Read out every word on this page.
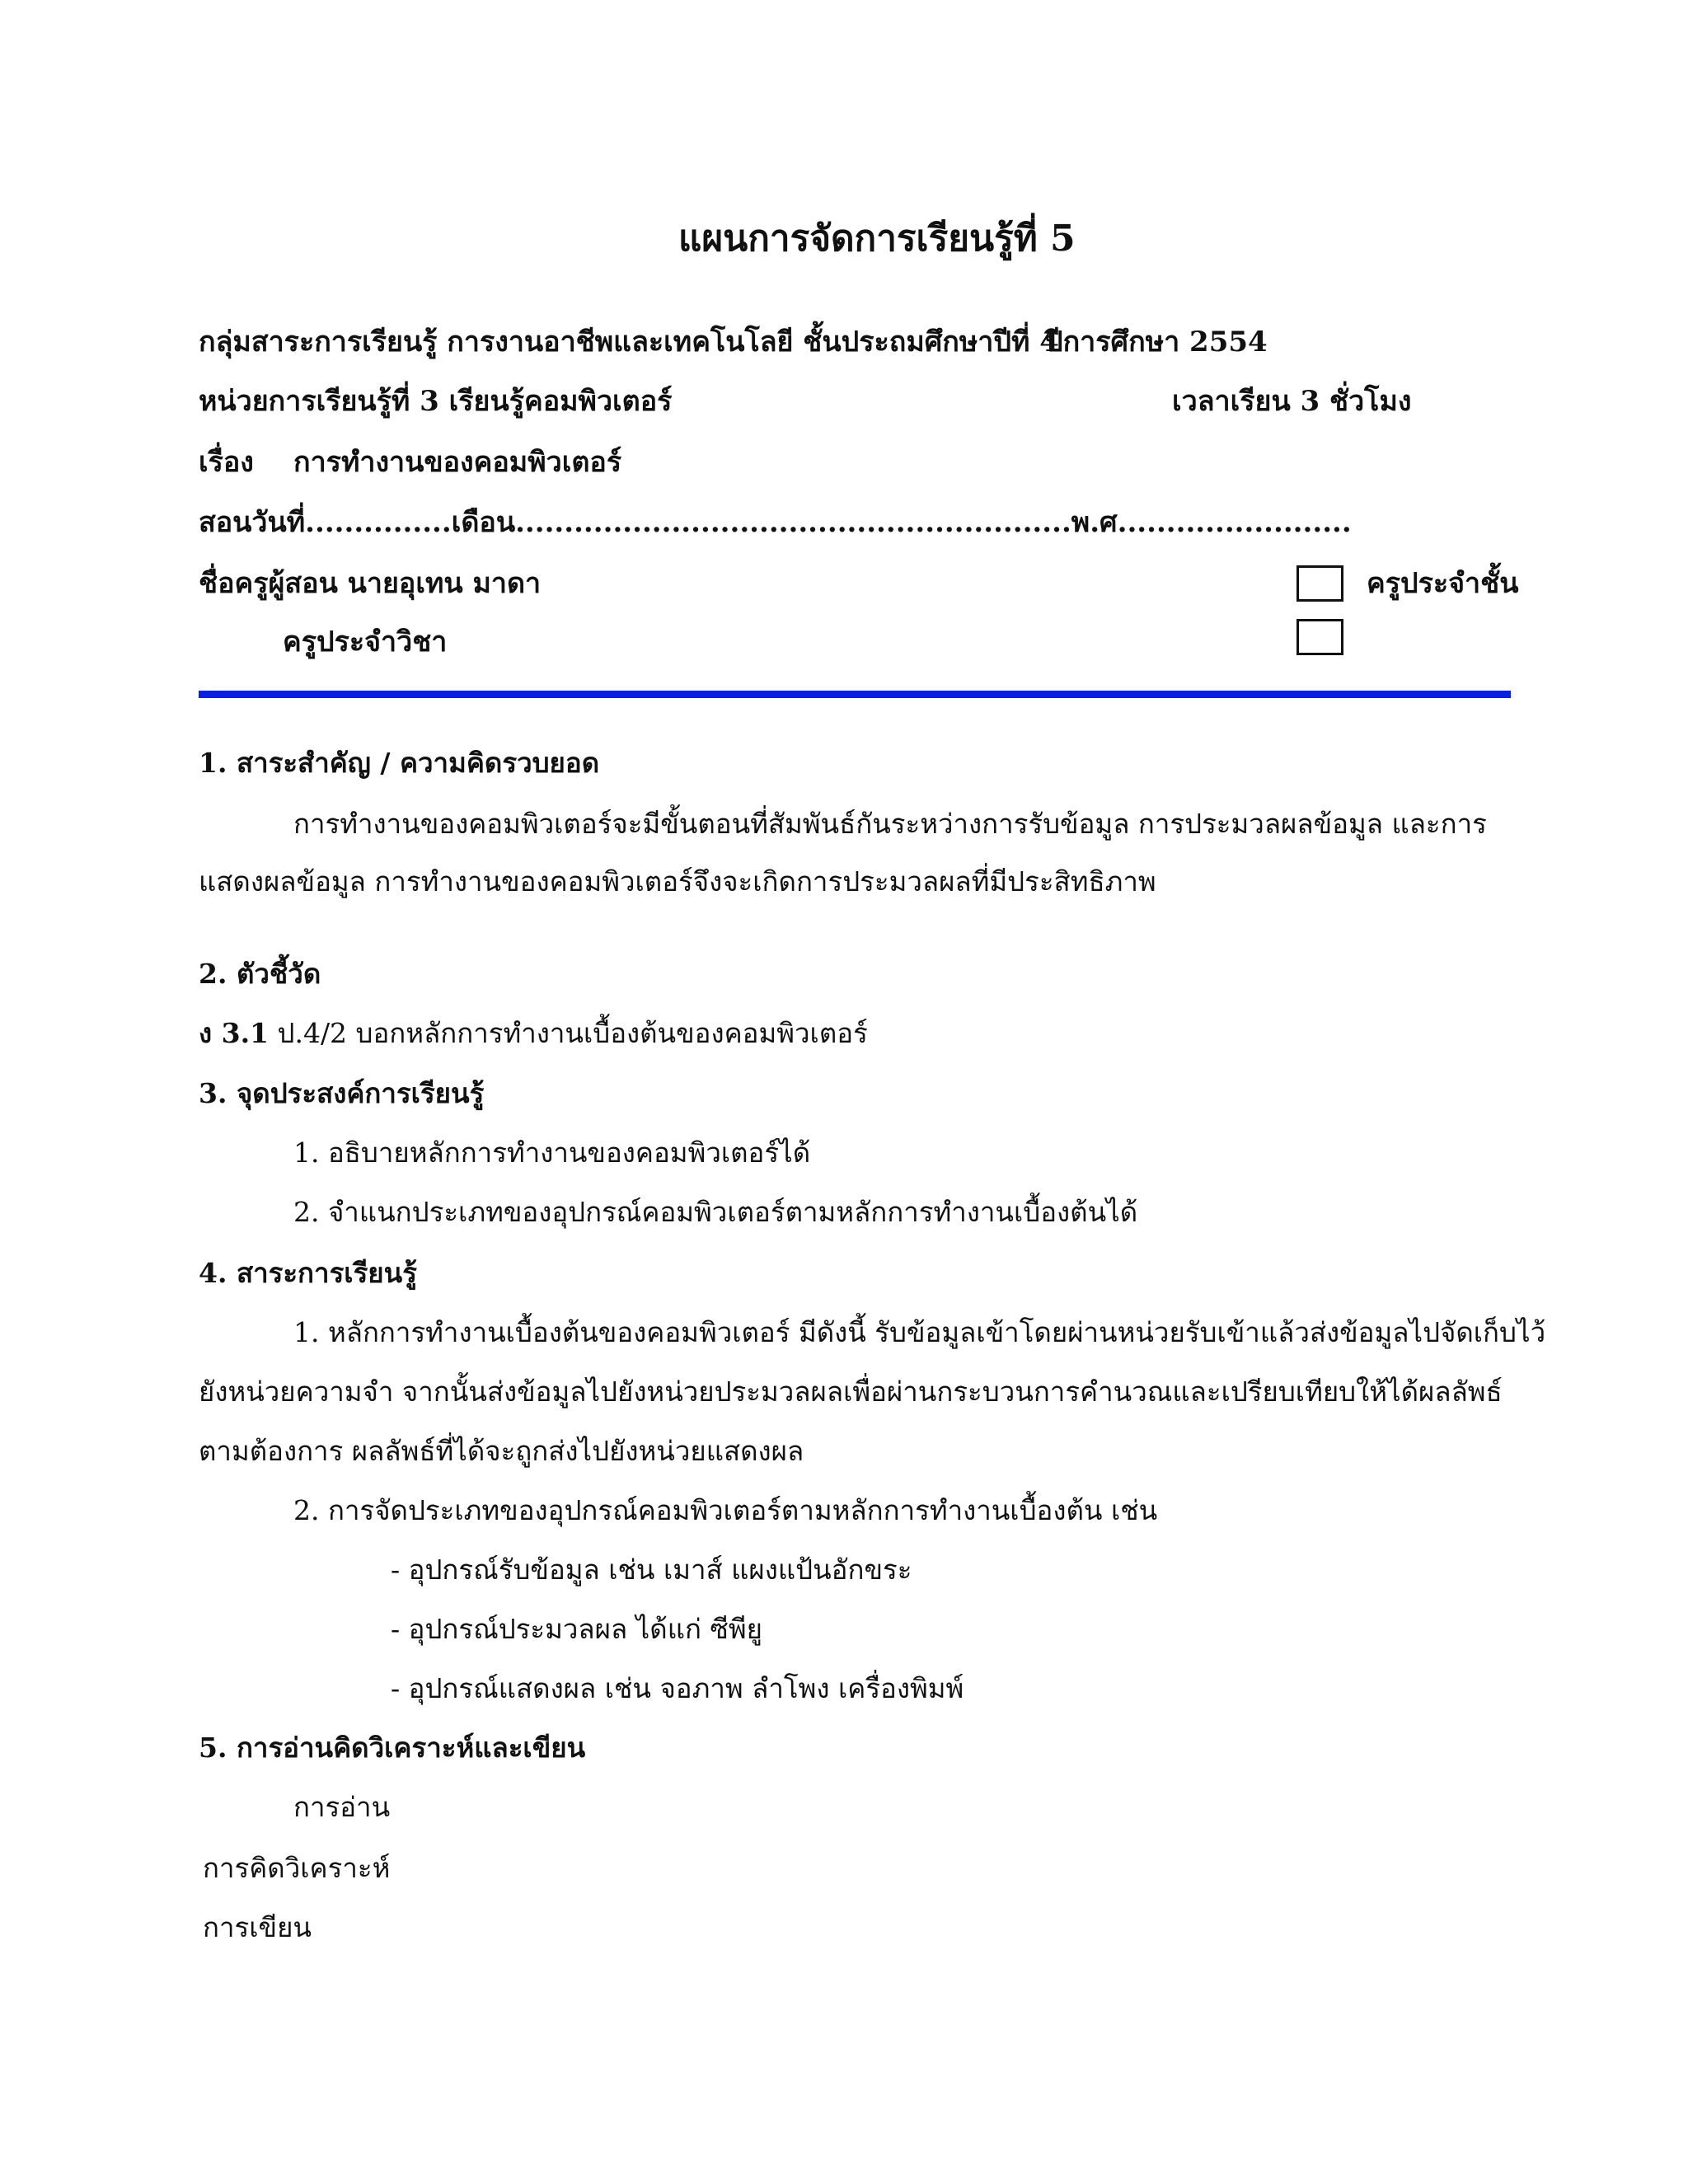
แผนการจัดการเรียนรู้ที่ 5
กลุ่มสาระการเรียนรู้ การงานอาชีพและเทคโนโลยี ชั้นประถมศึกษาปีที่ 4
ปีการศึกษา 2554
หน่วยการเรียนรู้ที่ 3 เรียนรู้คอมพิวเตอร์	เวลาเรียน 3 ชั่วโมง
เรื่อง การทำงานของคอมพิวเตอร์
สอนวันที่...............เดือน.........................................................พ.ศ........................
ชื่อครูผู้สอน นายอุเทน มาดา	ครูประจำชั้น
ครูประจำวิชา
1. สาระสำคัญ / ความคิดรวบยอด
การทำงานของคอมพิวเตอร์จะมีขั้นตอนที่สัมพันธ์กันระหว่างการรับข้อมูล การประมวลผลข้อมูล และการ
แสดงผลข้อมูล การทำงานของคอมพิวเตอร์จึงจะเกิดการประมวลผลที่มีประสิทธิภาพ
2. ตัวชี้วัด
ง 3.1 ป.4/2 บอกหลักการทำงานเบื้องต้นของคอมพิวเตอร์
3. จุดประสงค์การเรียนรู้
1. อธิบายหลักการทำงานของคอมพิวเตอร์ได้
2. จำแนกประเภทของอุปกรณ์คอมพิวเตอร์ตามหลักการทำงานเบื้องต้นได้
4. สาระการเรียนรู้
1. หลักการทำงานเบื้องต้นของคอมพิวเตอร์ มีดังนี้ รับข้อมูลเข้าโดยผ่านหน่วยรับเข้าแล้วส่งข้อมูลไปจัดเก็บไว้
ยังหน่วยความจำ จากนั้นส่งข้อมูลไปยังหน่วยประมวลผลเพื่อผ่านกระบวนการคำนวณและเปรียบเทียบให้ได้ผลลัพธ์
ตามต้องการ ผลลัพธ์ที่ได้จะถูกส่งไปยังหน่วยแสดงผล
2. การจัดประเภทของอุปกรณ์คอมพิวเตอร์ตามหลักการทำงานเบื้องต้น เช่น
- อุปกรณ์รับข้อมูล เช่น เมาส์ แผงแป้นอักขระ
- อุปกรณ์ประมวลผล ได้แก่ ซีพียู
- อุปกรณ์แสดงผล เช่น จอภาพ ลำโพง เครื่องพิมพ์
5. การอ่านคิดวิเคราะห์และเขียน
การอ่าน
การคิดวิเคราะห์
การเขียน
